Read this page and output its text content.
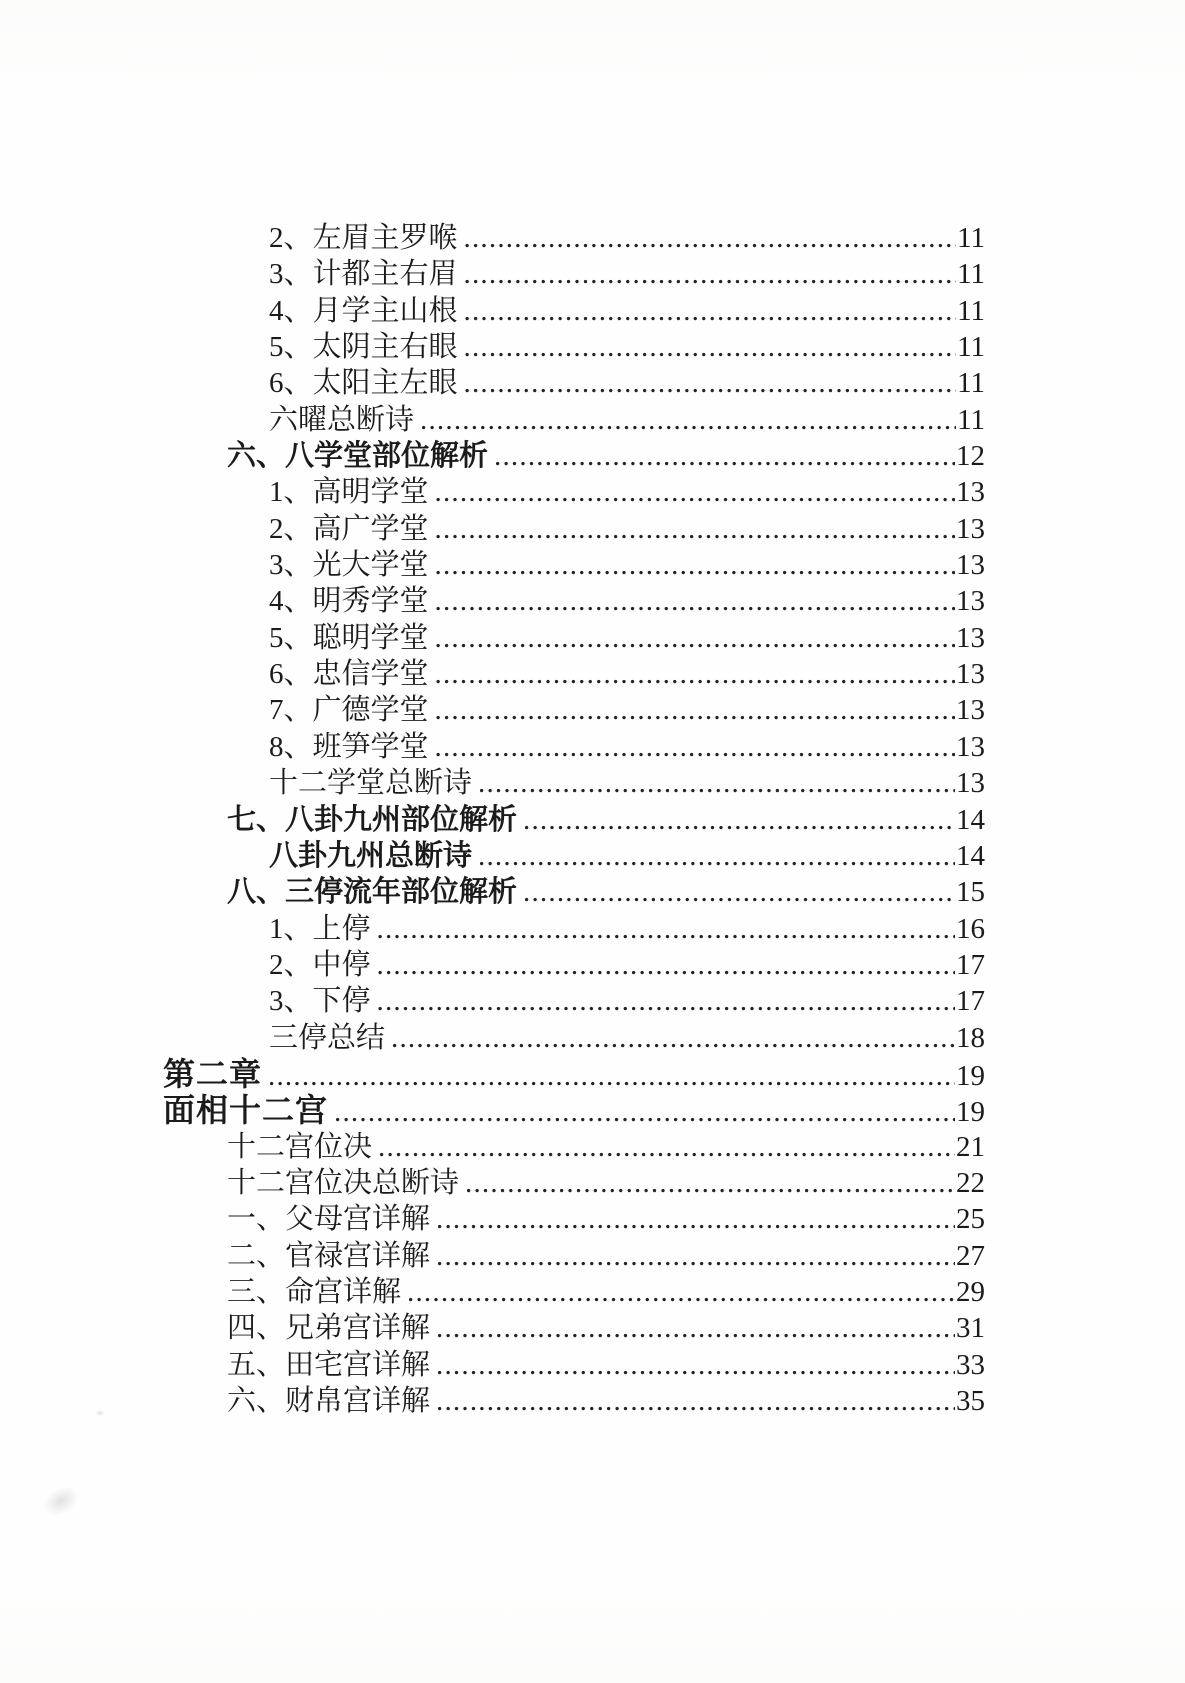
2、左眉主罗喉 .....	11
3、计都主右眉 .....	11
4、月学主山根 .....	11
5、太阴主右眼 .....	11
6、太阳主左眼 .....	11
六曜总断诗 .....	11
六、八学堂部位解析 .....	12
1、高明学堂 .....	13
2、高广学堂 .....	13
3、光大学堂 .....	13
4、明秀学堂 .....	13
5、聪明学堂 .....	13
6、忠信学堂 .....	13
7、广德学堂 .....	13
8、班笋学堂 .....	13
十二学堂总断诗 .....	13
七、八卦九州部位解析 .....	14
八卦九州总断诗 .....	14
八、三停流年部位解析 .....	15
1、上停 .....	16
2、中停 .....	17
3、下停 .....	17
三停总结 .....	18
第二章 .....	19
面相十二宫 .....	19
十二宫位决 .....	21
十二宫位决总断诗 .....	22
一、父母宫详解 .....	25
二、官禄宫详解 .....	27
三、命宫详解 .....	29
四、兄弟宫详解 .....	31
五、田宅宫详解 .....	33
六、财帛宫详解 .....	35
